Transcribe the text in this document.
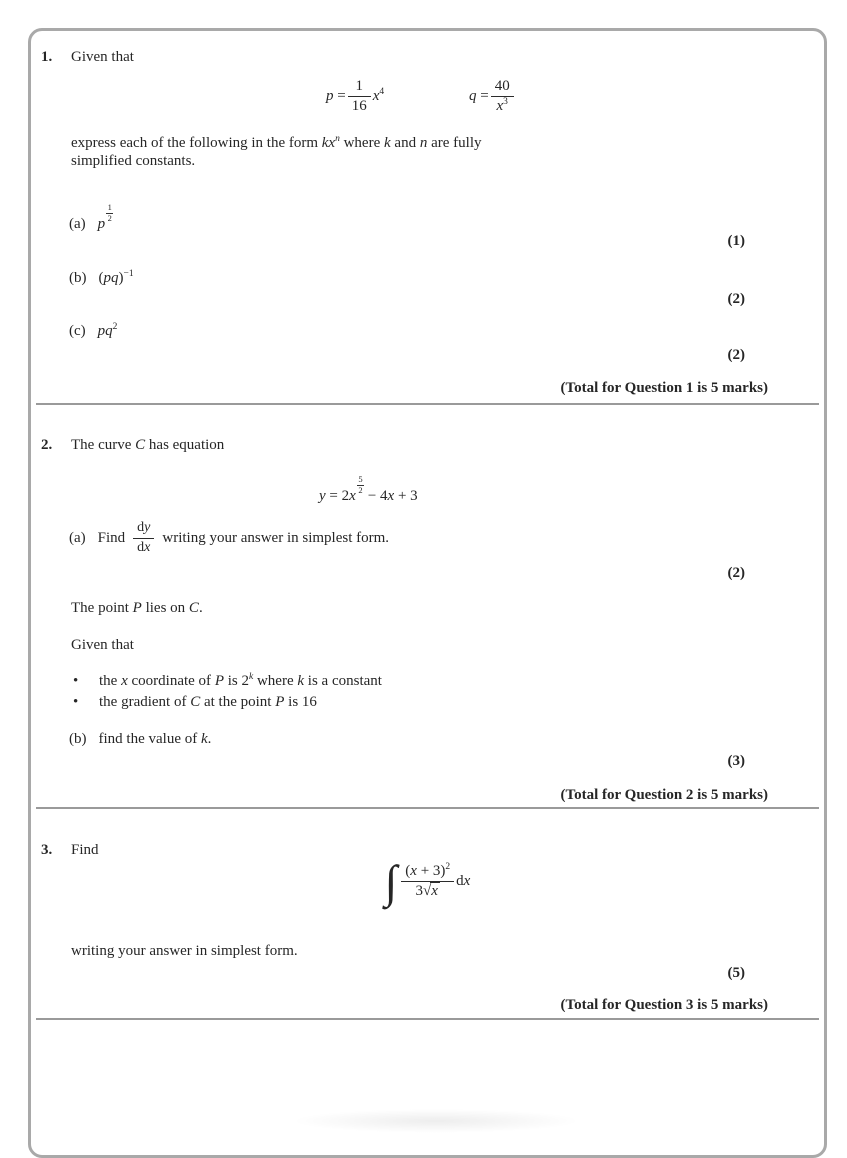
1. Given that
$p = \frac{1}{16} x^4$	$q = \frac{40}{x^3}$
express each of the following in the form $kx^n$ where k and n are fully
simplified constants.
(a) p
$\frac{1}{2}$
(1)
(b) (pq)$^{-1}$
(2)
(c) $pq^2$
(2)
(Total for Question 1 is 5 marks)
2. The curve C has equation
y = 2x
$\frac{5}{2}$
− 4x + 3
(a) Find $\frac{dy}{dx}$ writing your answer in simplest form.
(2)
The point P lies on C.
Given that
•	the x coordinate of P is 2$^k$ where k is a constant
•	the gradient of C at the point P is 16
(b) find the value of k.
(3)
(Total for Question 2 is 5 marks)
3. Find
∫ $\frac{(x + 3)^2}{3√x}$ dx
writing your answer in simplest form.
(5)
(Total for Question 3 is 5 marks)
